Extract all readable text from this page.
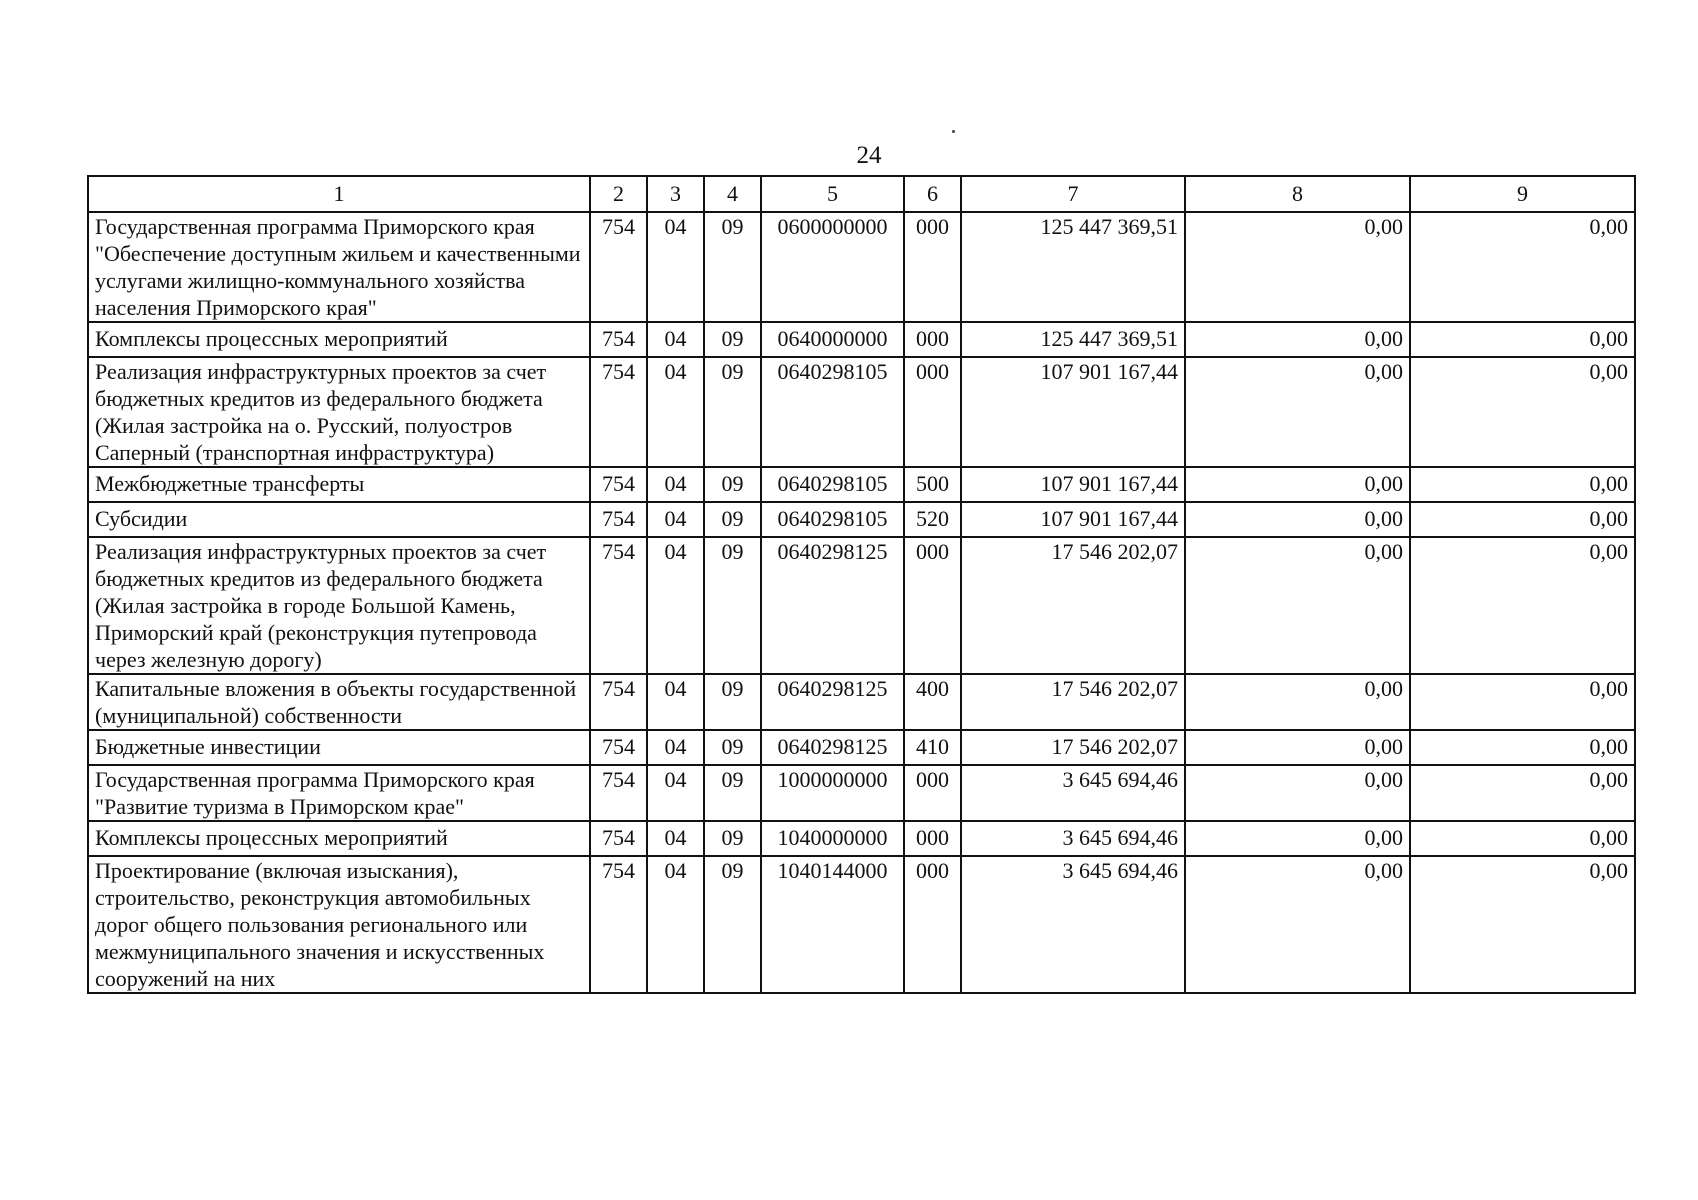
24
1	2	3	4	5	6	7	8	9
Государственная программа Приморского края "Обеспечение доступным жильем и качественными услугами жилищно-коммунального хозяйства населения Приморского края"	754	04	09	0600000000	000	125 447 369,51	0,00	0,00
Комплексы процессных мероприятий	754	04	09	0640000000	000	125 447 369,51	0,00	0,00
Реализация инфраструктурных проектов за счет бюджетных кредитов из федерального бюджета (Жилая застройка на о. Русский, полуостров Саперный (транспортная инфраструктура)	754	04	09	0640298105	000	107 901 167,44	0,00	0,00
Межбюджетные трансферты	754	04	09	0640298105	500	107 901 167,44	0,00	0,00
Субсидии	754	04	09	0640298105	520	107 901 167,44	0,00	0,00
Реализация инфраструктурных проектов за счет бюджетных кредитов из федерального бюджета (Жилая застройка в городе Большой Камень, Приморский край (реконструкция путепровода через железную дорогу)	754	04	09	0640298125	000	17 546 202,07	0,00	0,00
Капитальные вложения в объекты государственной (муниципальной) собственности	754	04	09	0640298125	400	17 546 202,07	0,00	0,00
Бюджетные инвестиции	754	04	09	0640298125	410	17 546 202,07	0,00	0,00
Государственная программа Приморского края "Развитие туризма в Приморском крае"	754	04	09	1000000000	000	3 645 694,46	0,00	0,00
Комплексы процессных мероприятий	754	04	09	1040000000	000	3 645 694,46	0,00	0,00
Проектирование (включая изыскания), строительство, реконструкция автомобильных дорог общего пользования регионального или межмуниципального значения и искусственных сооружений на них	754	04	09	1040144000	000	3 645 694,46	0,00	0,00
